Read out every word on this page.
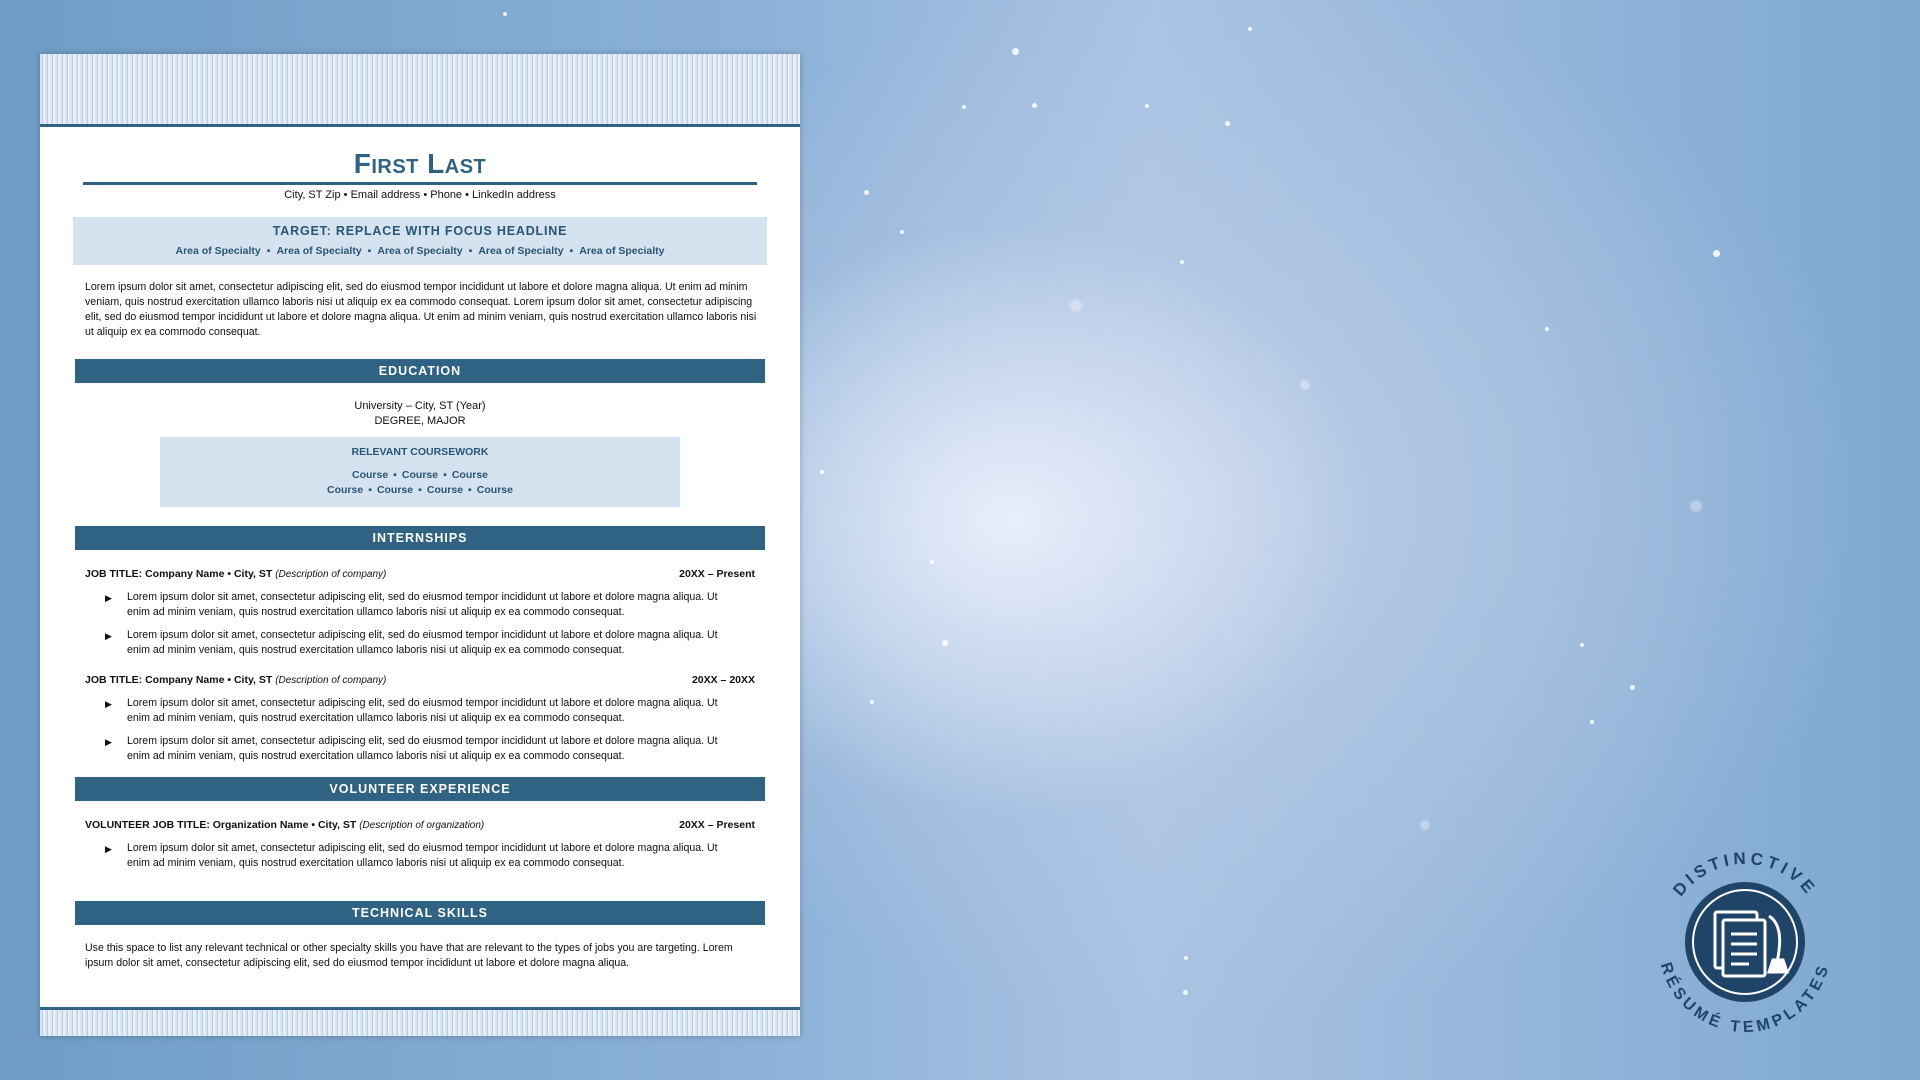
First Last
City, ST Zip • Email address • Phone • LinkedIn address
TARGET: REPLACE WITH FOCUS HEADLINE
Area of Specialty ▪ Area of Specialty ▪ Area of Specialty ▪ Area of Specialty ▪ Area of Specialty
Lorem ipsum dolor sit amet, consectetur adipiscing elit, sed do eiusmod tempor incididunt ut labore et dolore magna aliqua. Ut enim ad minim veniam, quis nostrud exercitation ullamco laboris nisi ut aliquip ex ea commodo consequat. Lorem ipsum dolor sit amet, consectetur adipiscing elit, sed do eiusmod tempor incididunt ut labore et dolore magna aliqua. Ut enim ad minim veniam, quis nostrud exercitation ullamco laboris nisi ut aliquip ex ea commodo consequat.
EDUCATION
University – City, ST (Year)
DEGREE, MAJOR
RELEVANT COURSEWORK
Course ▪ Course ▪ Course
Course ▪ Course ▪ Course ▪ Course
INTERNSHIPS
JOB TITLE: Company Name • City, ST (Description of company)	20XX – Present
▶ Lorem ipsum dolor sit amet, consectetur adipiscing elit, sed do eiusmod tempor incididunt ut labore et dolore magna aliqua. Ut enim ad minim veniam, quis nostrud exercitation ullamco laboris nisi ut aliquip ex ea commodo consequat.
▶ Lorem ipsum dolor sit amet, consectetur adipiscing elit, sed do eiusmod tempor incididunt ut labore et dolore magna aliqua. Ut enim ad minim veniam, quis nostrud exercitation ullamco laboris nisi ut aliquip ex ea commodo consequat.
JOB TITLE: Company Name • City, ST (Description of company)	20XX – 20XX
▶ Lorem ipsum dolor sit amet, consectetur adipiscing elit, sed do eiusmod tempor incididunt ut labore et dolore magna aliqua. Ut enim ad minim veniam, quis nostrud exercitation ullamco laboris nisi ut aliquip ex ea commodo consequat.
▶ Lorem ipsum dolor sit amet, consectetur adipiscing elit, sed do eiusmod tempor incididunt ut labore et dolore magna aliqua. Ut enim ad minim veniam, quis nostrud exercitation ullamco laboris nisi ut aliquip ex ea commodo consequat.
VOLUNTEER EXPERIENCE
VOLUNTEER JOB TITLE: Organization Name • City, ST (Description of organization)	20XX – Present
▶ Lorem ipsum dolor sit amet, consectetur adipiscing elit, sed do eiusmod tempor incididunt ut labore et dolore magna aliqua. Ut enim ad minim veniam, quis nostrud exercitation ullamco laboris nisi ut aliquip ex ea commodo consequat.
TECHNICAL SKILLS
Use this space to list any relevant technical or other specialty skills you have that are relevant to the types of jobs you are targeting. Lorem ipsum dolor sit amet, consectetur adipiscing elit, sed do eiusmod tempor incididunt ut labore et dolore magna aliqua.
DISTINCTIVE
RÉSUMÉ TEMPLATES
